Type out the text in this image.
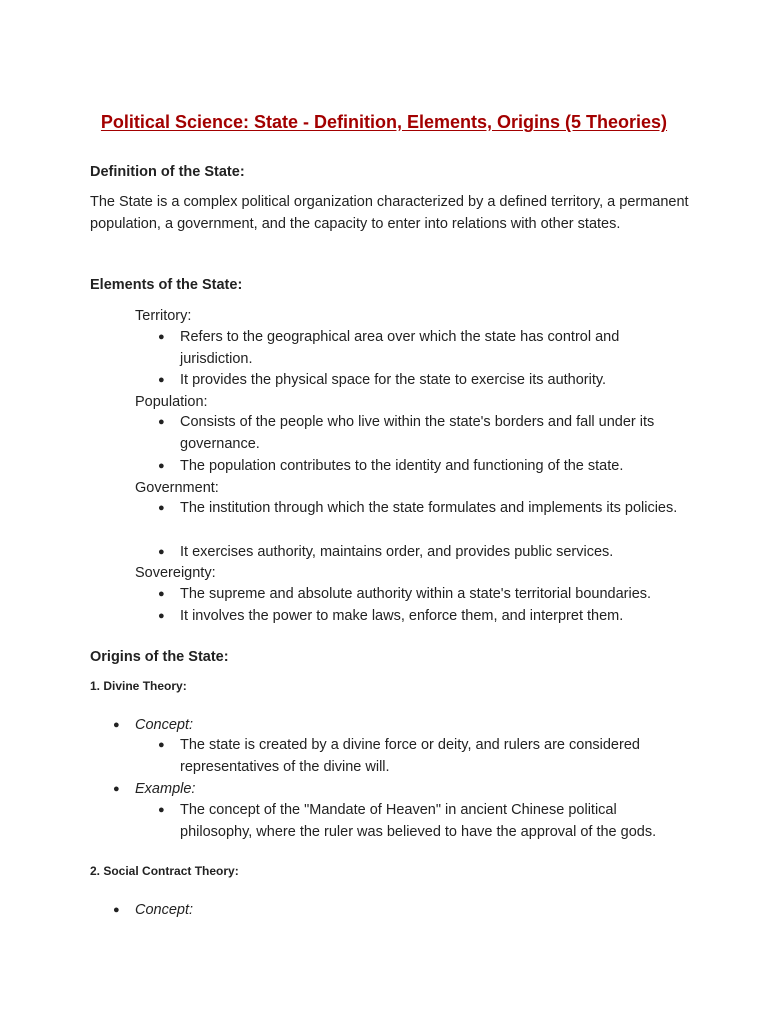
Political Science: State - Definition, Elements, Origins (5 Theories)
Definition of the State:
The State is a complex political organization characterized by a defined territory, a permanent population, a government, and the capacity to enter into relations with other states.
Elements of the State:
Territory:
● Refers to the geographical area over which the state has control and jurisdiction.
● It provides the physical space for the state to exercise its authority.
Population:
● Consists of the people who live within the state's borders and fall under its governance.
● The population contributes to the identity and functioning of the state.
Government:
● The institution through which the state formulates and implements its policies.
● It exercises authority, maintains order, and provides public services.
Sovereignty:
● The supreme and absolute authority within a state's territorial boundaries.
● It involves the power to make laws, enforce them, and interpret them.
Origins of the State:
1. Divine Theory:
● Concept:
● The state is created by a divine force or deity, and rulers are considered representatives of the divine will.
● Example:
● The concept of the "Mandate of Heaven" in ancient Chinese political philosophy, where the ruler was believed to have the approval of the gods.
2. Social Contract Theory:
● Concept:
